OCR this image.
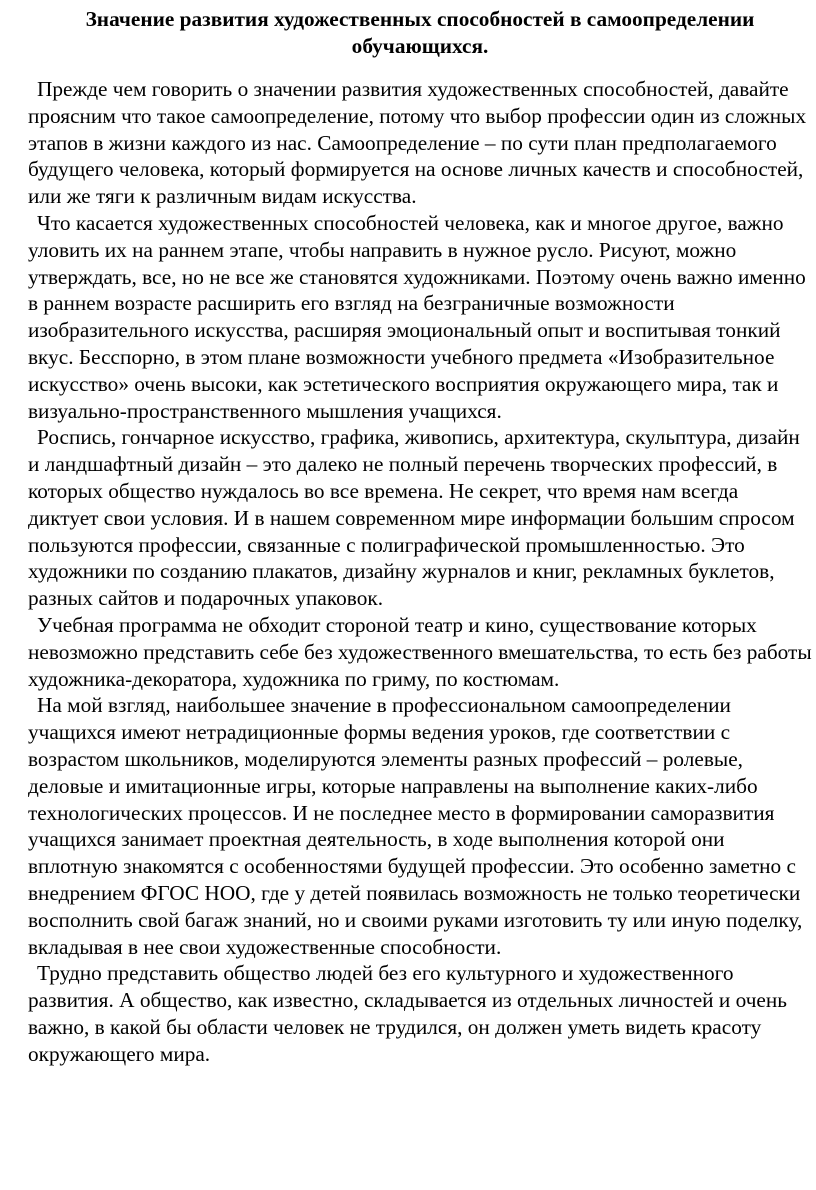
Значение развития художественных способностей в самоопределении обучающихся.

Прежде чем говорить о значении развития художественных способностей, давайте проясним что такое самоопределение, потому что выбор профессии один из сложных этапов в жизни каждого из нас. Самоопределение – по сути план предполагаемого будущего человека, который формируется на основе личных качеств и способностей, или же тяги к различным видам искусства.

Что касается художественных способностей человека, как и многое другое, важно уловить их на раннем этапе, чтобы направить в нужное русло. Рисуют, можно утверждать, все, но не все же становятся художниками. Поэтому очень важно именно в раннем возрасте расширить его взгляд на безграничные возможности изобразительного искусства, расширяя эмоциональный опыт и воспитывая тонкий вкус. Бесспорно, в этом плане возможности учебного предмета «Изобразительное искусство» очень высоки, как эстетического восприятия окружающего мира, так и визуально-пространственного мышления учащихся.

Роспись, гончарное искусство, графика, живопись, архитектура, скульптура, дизайн и ландшафтный дизайн – это далеко не полный перечень творческих профессий, в которых общество нуждалось во все времена. Не секрет, что время нам всегда диктует свои условия. И в нашем современном мире информации большим спросом пользуются профессии, связанные с полиграфической промышленностью. Это художники по созданию плакатов, дизайну журналов и книг, рекламных буклетов, разных сайтов и подарочных упаковок.

Учебная программа не обходит стороной театр и кино, существование которых невозможно представить себе без художественного вмешательства, то есть без работы художника-декоратора, художника по гриму, по костюмам.

На мой взгляд, наибольшее значение в профессиональном самоопределении учащихся имеют нетрадиционные формы ведения уроков, где соответствии с возрастом школьников, моделируются элементы разных профессий – ролевые, деловые и имитационные игры, которые направлены на выполнение каких-либо технологических процессов. И не последнее место в формировании саморазвития учащихся занимает проектная деятельность, в ходе выполнения которой они вплотную знакомятся с особенностями будущей профессии. Это особенно заметно с внедрением ФГОС НОО, где у детей появилась возможность не только теоретически восполнить свой багаж знаний, но и своими руками изготовить ту или иную поделку, вкладывая в нее свои художественные способности.

Трудно представить общество людей без его культурного и художественного развития. А общество, как известно, складывается из отдельных личностей и очень важно, в какой бы области человек не трудился, он должен уметь видеть красоту окружающего мира.
